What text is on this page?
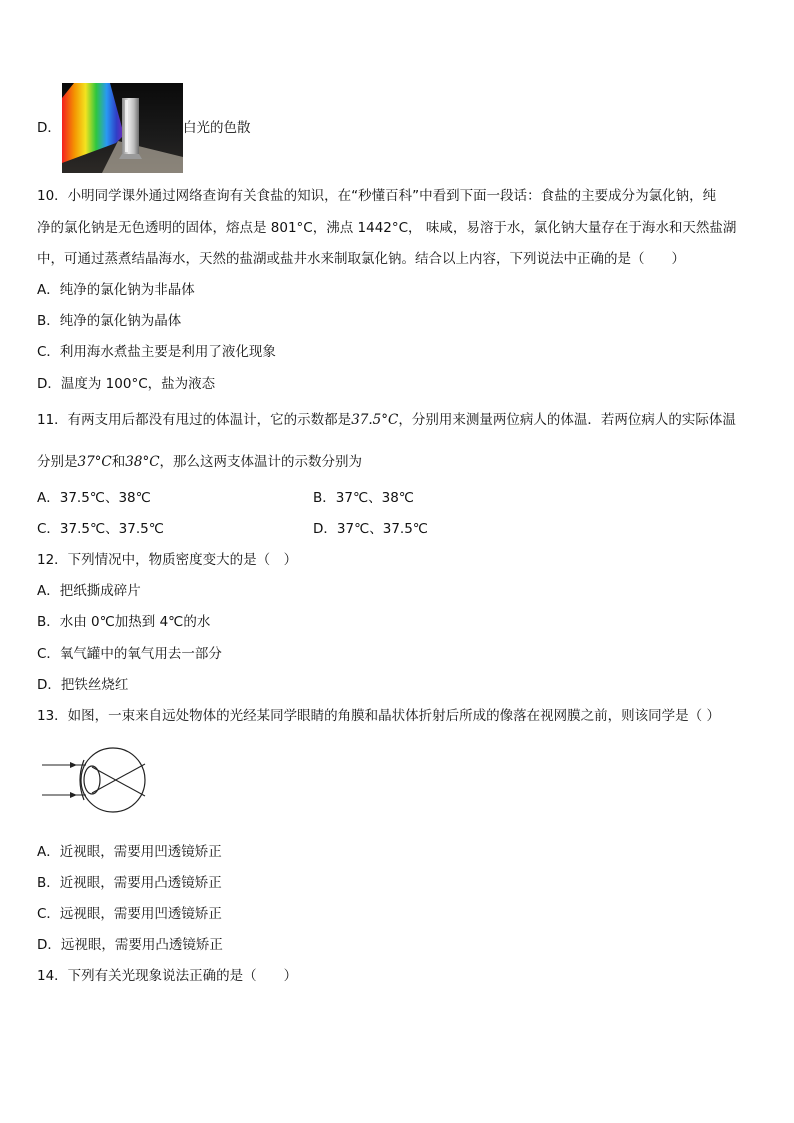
D．	白光的色散
10．小明同学课外通过网络查询有关食盐的知识，在“秒懂百科”中看到下面一段话：食盐的主要成分为氯化钠，纯
净的氯化钠是无色透明的固体，熔点是 801°C，沸点 1442°C， 味咸，易溶于水，氯化钠大量存在于海水和天然盐湖
中，可通过蒸煮结晶海水，天然的盐湖或盐井水来制取氯化钠。结合以上内容，下列说法中正确的是（　　）
A．纯净的氯化钠为非晶体
B．纯净的氯化钠为晶体
C．利用海水煮盐主要是利用了液化现象
D．温度为 100°C，盐为液态
11．有两支用后都没有甩过的体温计，它的示数都是37.5°C，分别用来测量两位病人的体温．若两位病人的实际体温
分别是37°C和38°C，那么这两支体温计的示数分别为
A．37.5℃、38℃	B．37℃、38℃
C．37.5℃、37.5℃	D．37℃、37.5℃
12．下列情况中，物质密度变大的是（　）
A．把纸撕成碎片
B．水由 0℃加热到 4℃的水
C．氧气罐中的氧气用去一部分
D．把铁丝烧红
13．如图，一束来自远处物体的光经某同学眼睛的角膜和晶状体折射后所成的像落在视网膜之前，则该同学是（ ）
A．近视眼，需要用凹透镜矫正
B．近视眼，需要用凸透镜矫正
C．远视眼，需要用凹透镜矫正
D．远视眼，需要用凸透镜矫正
14．下列有关光现象说法正确的是（　　）
